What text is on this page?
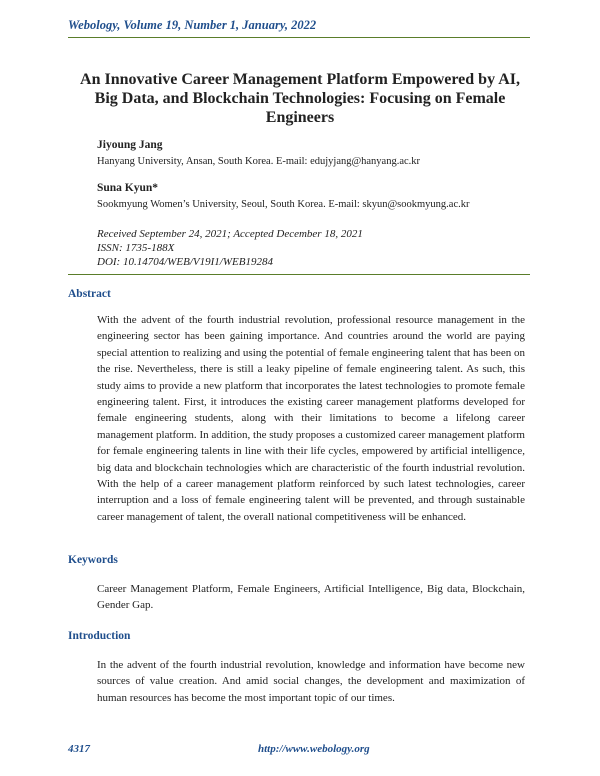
Webology, Volume 19, Number 1, January, 2022
An Innovative Career Management Platform Empowered by AI,
Big Data, and Blockchain Technologies: Focusing on Female
Engineers
Jiyoung Jang
Hanyang University, Ansan, South Korea. E-mail: edujyjang@hanyang.ac.kr
Suna Kyun*
Sookmyung Women’s University, Seoul, South Korea. E-mail: skyun@sookmyung.ac.kr
Received September 24, 2021; Accepted December 18, 2021
ISSN: 1735-188X
DOI: 10.14704/WEB/V19I1/WEB19284
Abstract
With the advent of the fourth industrial revolution, professional resource management in the engineering sector has been gaining importance. And countries around the world are paying special attention to realizing and using the potential of female engineering talent that has been on the rise. Nevertheless, there is still a leaky pipeline of female engineering talent. As such, this study aims to provide a new platform that incorporates the latest technologies to promote female engineering talent. First, it introduces the existing career management platforms developed for female engineering students, along with their limitations to become a lifelong career management platform. In addition, the study proposes a customized career management platform for female engineering talents in line with their life cycles, empowered by artificial intelligence, big data and blockchain technologies which are characteristic of the fourth industrial revolution. With the help of a career management platform reinforced by such latest technologies, career interruption and a loss of female engineering talent will be prevented, and through sustainable career management of talent, the overall national competitiveness will be enhanced.
Keywords
Career Management Platform, Female Engineers, Artificial Intelligence, Big data, Blockchain, Gender Gap.
Introduction
In the advent of the fourth industrial revolution, knowledge and information have become new sources of value creation. And amid social changes, the development and maximization of human resources has become the most important topic of our times.
4317	http://www.webology.org
